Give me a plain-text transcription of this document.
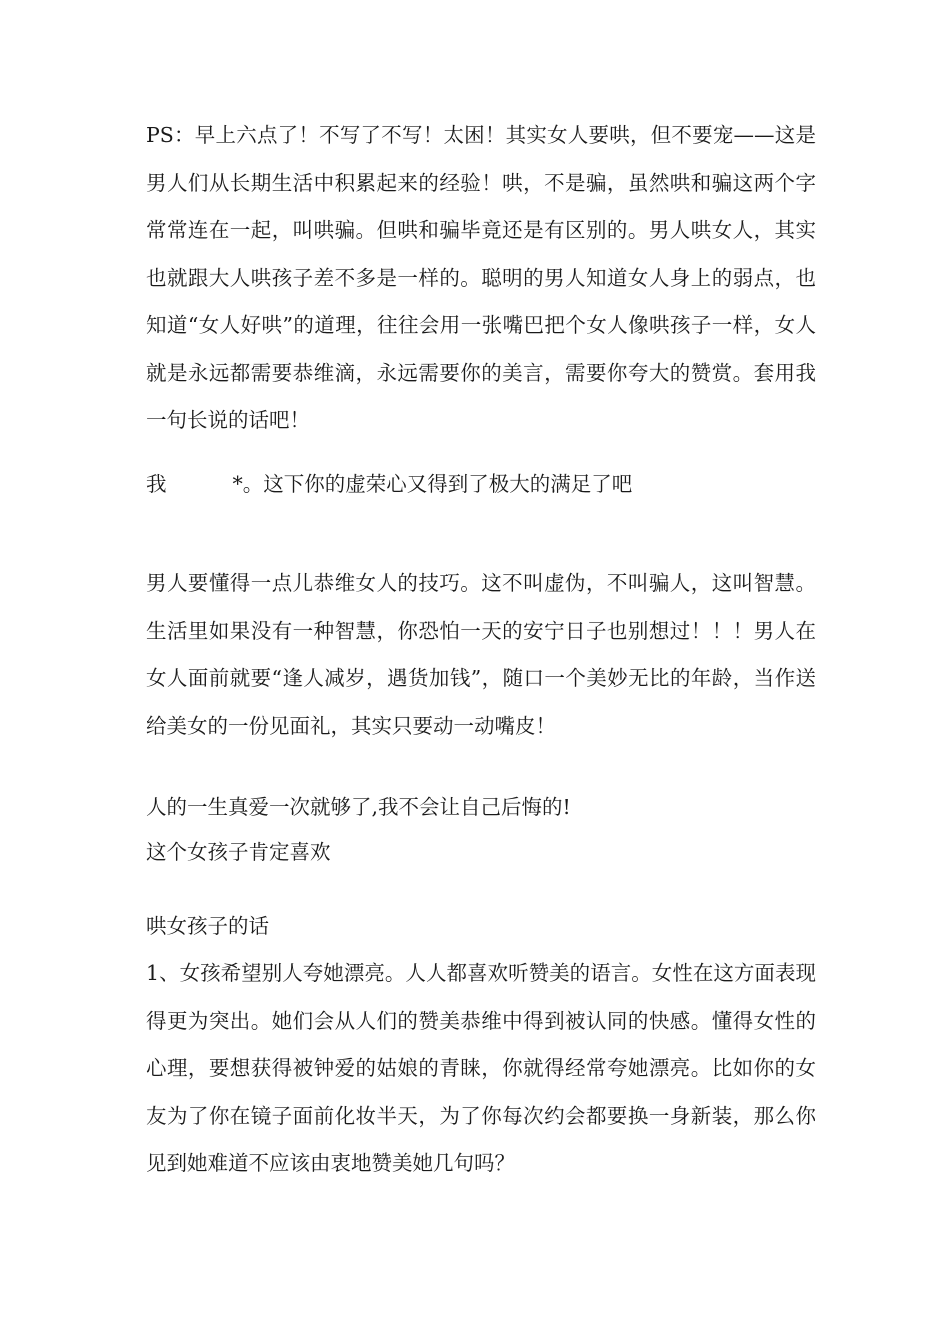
PS：早上六点了！不写了不写！太困！其实女人要哄，但不要宠——这是男人们从长期生活中积累起来的经验！哄，不是骗，虽然哄和骗这两个字常常连在一起，叫哄骗。但哄和骗毕竟还是有区别的。男人哄女人，其实也就跟大人哄孩子差不多是一样的。聪明的男人知道女人身上的弱点，也知道“女人好哄”的道理，往往会用一张嘴巴把个女人像哄孩子一样，女人就是永远都需要恭维滴，永远需要你的美言，需要你夸大的赞赏。套用我一句长说的话吧！

我	*。这下你的虚荣心又得到了极大的满足了吧

男人要懂得一点儿恭维女人的技巧。这不叫虚伪，不叫骗人，这叫智慧。生活里如果没有一种智慧，你恐怕一天的安宁日子也别想过！！！男人在女人面前就要“逢人减岁，遇货加钱”，随口一个美妙无比的年龄，当作送给美女的一份见面礼，其实只要动一动嘴皮！

人的一生真爱一次就够了,我不会让自己后悔的!

这个女孩子肯定喜欢

哄女孩子的话

1、女孩希望别人夸她漂亮。人人都喜欢听赞美的语言。女性在这方面表现得更为突出。她们会从人们的赞美恭维中得到被认同的快感。懂得女性的心理，要想获得被钟爱的姑娘的青睐，你就得经常夸她漂亮。比如你的女友为了你在镜子面前化妆半天，为了你每次约会都要换一身新装，那么你见到她难道不应该由衷地赞美她几句吗？
